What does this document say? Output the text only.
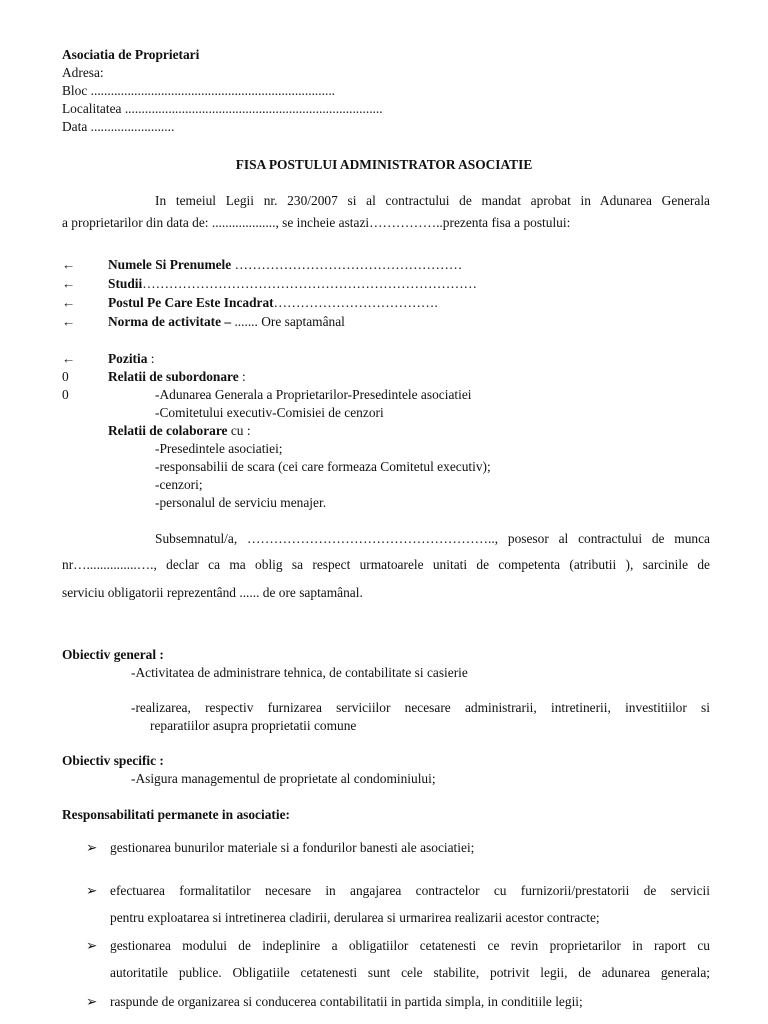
Asociatia de Proprietari
Adresa:
Bloc .........................................................................
Localitatea .............................................................................
Data .........................
FISA POSTULUI ADMINISTRATOR ASOCIATIE
In temeiul Legii nr. 230/2007 si al contractului de mandat aprobat in Adunarea Generala
a proprietarilor din data de: ..................., se incheie astazi……………..prezenta fisa a postului:
← Numele Si Prenumele ……………………………………………
← Studii…………………………………………………………………
← Postul Pe Care Este Incadrat……………………………….
← Norma de activitate – ....... Ore saptamânal
← Pozitia :
0	Relatii de subordonare :
0	-Adunarea Generala a Proprietarilor-Presedintele asociatiei
-Comitetului executiv-Comisiei de cenzori
Relatii de colaborare cu :
-Presedintele asociatiei;
-responsabilii de scara (cei care formeaza Comitetul executiv);
-cenzori;
-personalul de serviciu menajer.
Subsemnatul/a, ……………………………………………….., posesor al contractului de munca
nr…...............…., declar ca ma oblig sa respect urmatoarele unitati de competenta (atributii ), sarcinile de
serviciu obligatorii reprezentând ...... de ore saptamânal.
Obiectiv general :
-Activitatea de administrare tehnica, de contabilitate si casierie
-realizarea, respectiv furnizarea serviciilor necesare administrarii, intretinerii, investitiilor si
reparatiilor asupra proprietatii comune
Obiectiv specific :
-Asigura managementul de proprietate al condominiului;
Responsabilitati permanete in asociatie:
➢ gestionarea bunurilor materiale si a fondurilor banesti ale asociatiei;
➢ efectuarea formalitatilor necesare in angajarea contractelor cu furnizorii/prestatorii de servicii
pentru exploatarea si intretinerea cladirii, derularea si urmarirea realizarii acestor contracte;
➢ gestionarea modului de indeplinire a obligatiilor cetatenesti ce revin proprietarilor in raport cu
autoritatile publice. Obligatiile cetatenesti sunt cele stabilite, potrivit legii, de adunarea generala;
➢ raspunde de organizarea si conducerea contabilitatii in partida simpla, in conditiile legii;
